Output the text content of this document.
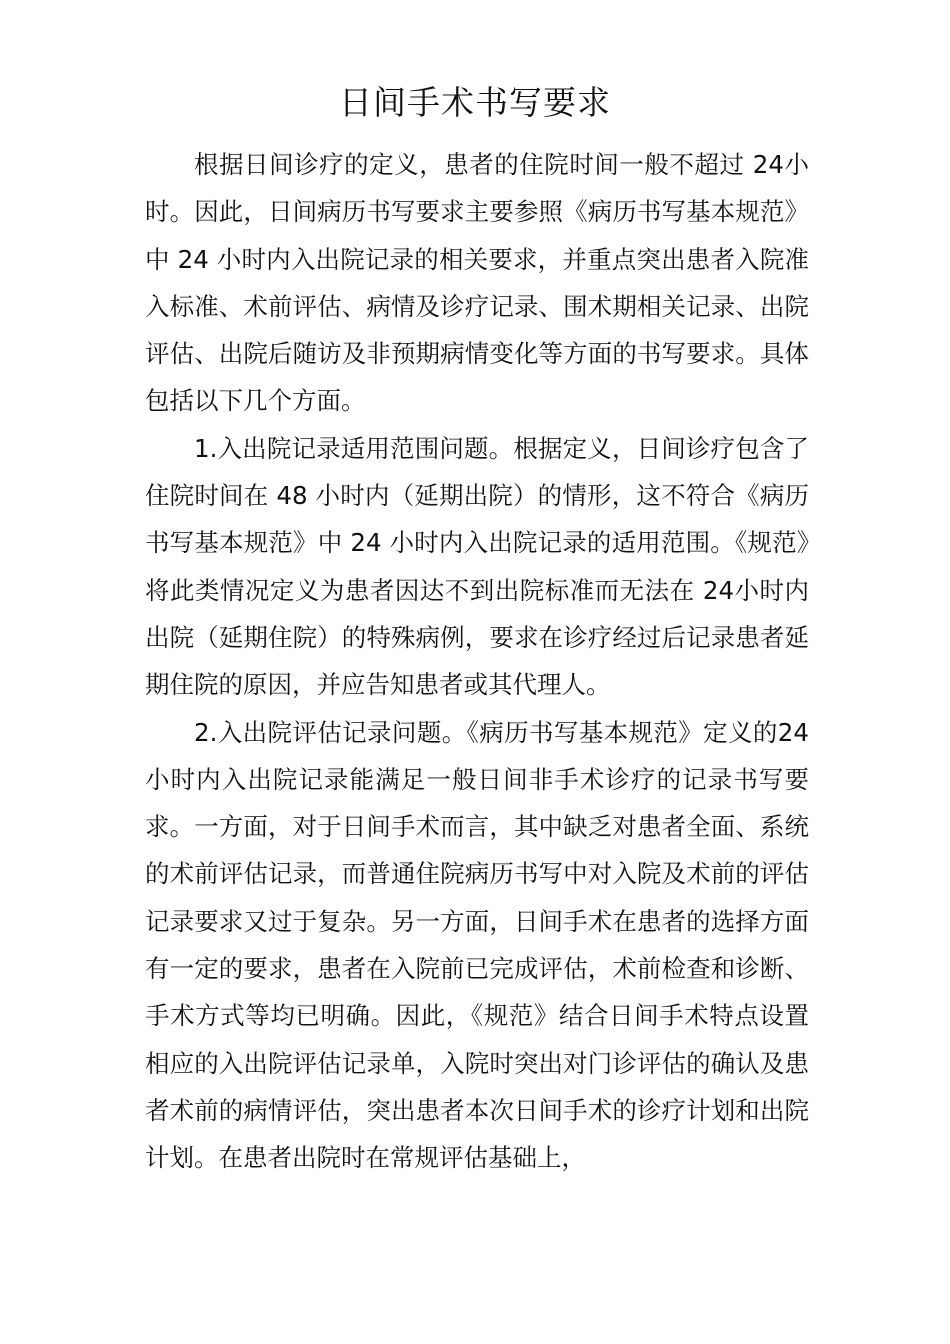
日间手术书写要求

根据日间诊疗的定义，患者的住院时间一般不超过 24小时。因此，日间病历书写要求主要参照《病历书写基本规范》中 24 小时内入出院记录的相关要求，并重点突出患者入院准入标准、术前评估、病情及诊疗记录、围术期相关记录、出院评估、出院后随访及非预期病情变化等方面的书写要求。具体包括以下几个方面。

1.入出院记录适用范围问题。根据定义，日间诊疗包含了住院时间在 48 小时内（延期出院）的情形，这不符合《病历书写基本规范》中 24 小时内入出院记录的适用范围。《规范》将此类情况定义为患者因达不到出院标准而无法在 24小时内出院（延期住院）的特殊病例，要求在诊疗经过后记录患者延期住院的原因，并应告知患者或其代理人。

2.入出院评估记录问题。《病历书写基本规范》定义的24 小时内入出院记录能满足一般日间非手术诊疗的记录书写要求。一方面，对于日间手术而言，其中缺乏对患者全面、系统的术前评估记录，而普通住院病历书写中对入院及术前的评估记录要求又过于复杂。另一方面，日间手术在患者的选择方面有一定的要求，患者在入院前已完成评估，术前检查和诊断、手术方式等均已明确。因此，《规范》结合日间手术特点设置相应的入出院评估记录单，入院时突出对门诊评估的确认及患者术前的病情评估，突出患者本次日间手术的诊疗计划和出院计划。在患者出院时在常规评估基础上，
